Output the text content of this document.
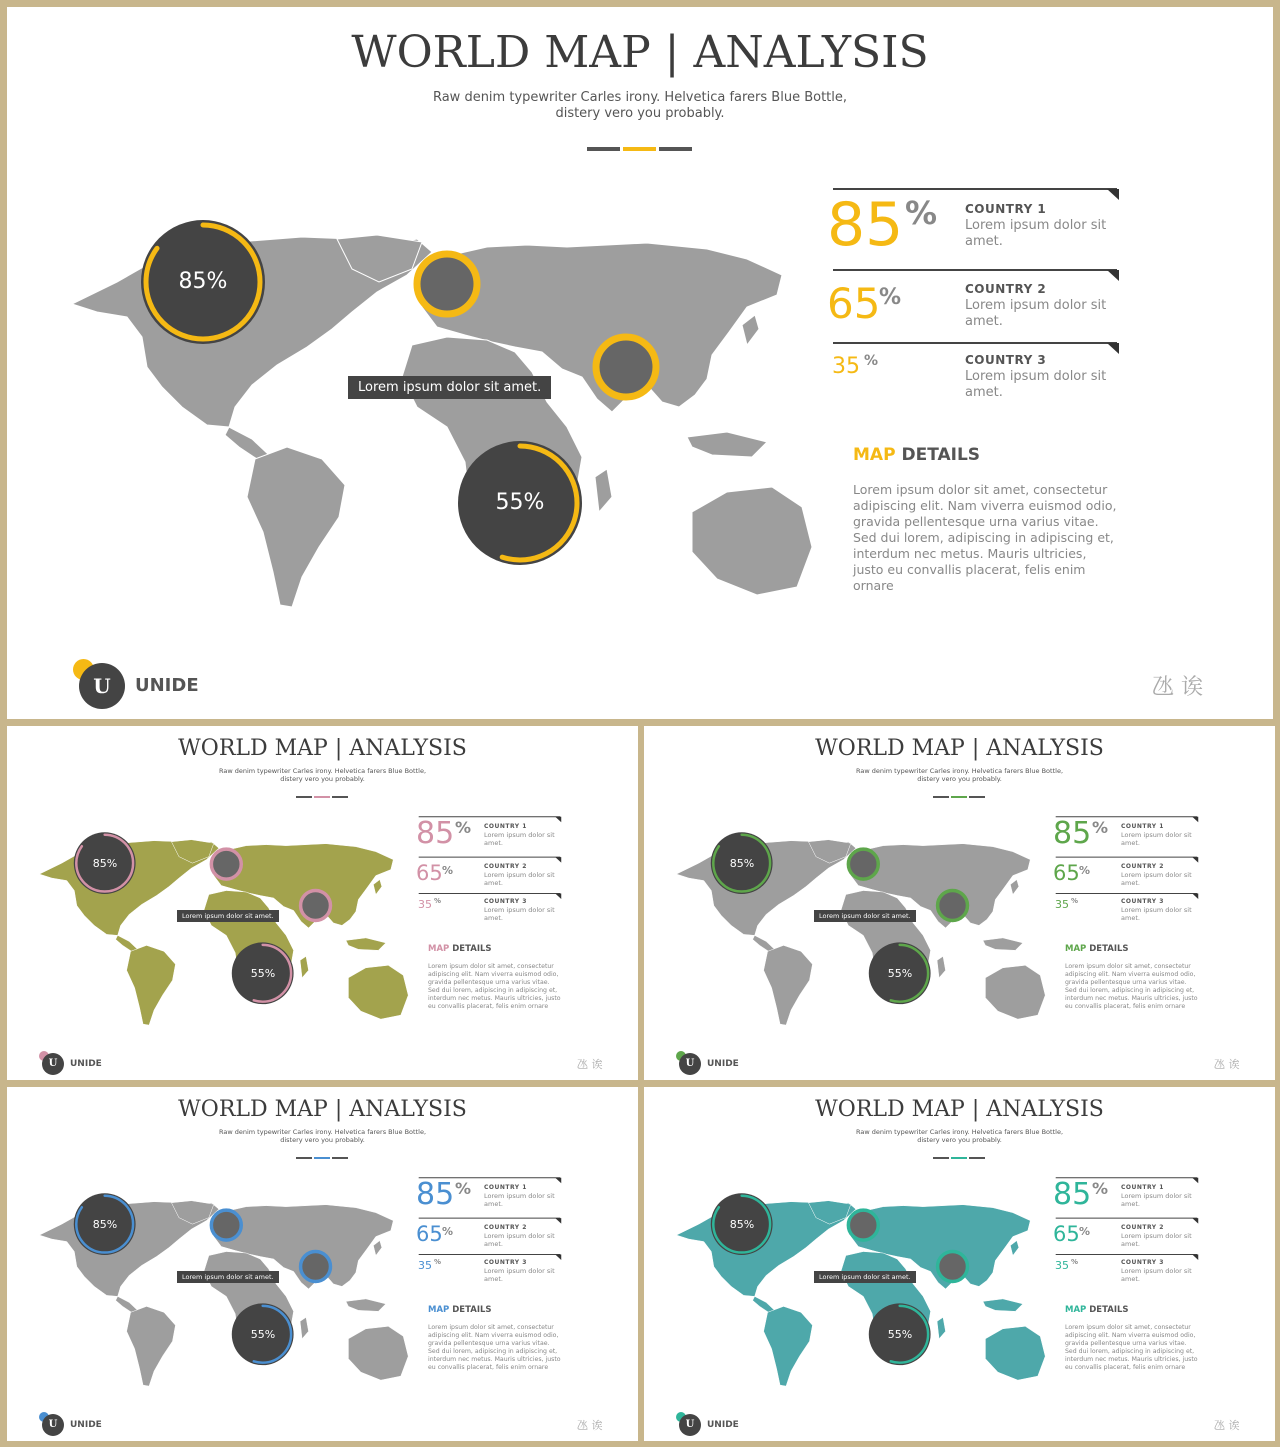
WORLD MAP | ANALYSIS
Raw denim typewriter Carles irony. Helvetica farers Blue Bottle,
distery vero you probably.
Lorem ipsum dolor sit amet.
85%
55%
85 % COUNTRY 1
Lorem ipsum dolor sit amet.
65
%	COUNTRY 2
Lorem ipsum dolor sit amet.
35 %	COUNTRY 3
Lorem ipsum dolor sit amet.
MAP DETAILS
Lorem ipsum dolor sit amet, consectetur adipiscing elit. Nam viverra euismod odio, gravida pellentesque urna varius vitae. Sed dui lorem, adipiscing in adipiscing et, interdum nec metus. Mauris ultricies, justo eu convallis placerat, felis enim ornare
U	UNIDE	氹 诶
WORLD MAP | ANALYSIS
Raw denim typewriter Carles irony. Helvetica farers Blue Bottle,
distery vero you probably.
Lorem ipsum dolor sit amet.
85%
55%
85 % COUNTRY 1
Lorem ipsum dolor sit amet.
65 %	COUNTRY 2
Lorem ipsum dolor sit amet.
35 %	COUNTRY 3
Lorem ipsum dolor sit amet.
MAP DETAILS
Lorem ipsum dolor sit amet, consectetur adipiscing elit. Nam viverra euismod odio, gravida pellentesque urna varius vitae. Sed dui lorem, adipiscing in adipiscing et, interdum nec metus. Mauris ultricies, justo eu convallis placerat, felis enim ornare
U	UNIDE	氹 诶
WORLD MAP | ANALYSIS
Raw denim typewriter Carles irony. Helvetica farers Blue Bottle,
distery vero you probably.
Lorem ipsum dolor sit amet.
85%
55%
85 % COUNTRY 1
Lorem ipsum dolor sit amet.
65 %	COUNTRY 2
Lorem ipsum dolor sit amet.
35 %	COUNTRY 3
Lorem ipsum dolor sit amet.
MAP DETAILS
Lorem ipsum dolor sit amet, consectetur adipiscing elit. Nam viverra euismod odio, gravida pellentesque urna varius vitae. Sed dui lorem, adipiscing in adipiscing et, interdum nec metus. Mauris ultricies, justo eu convallis placerat, felis enim ornare
U	UNIDE	氹 诶
WORLD MAP | ANALYSIS
Raw denim typewriter Carles irony. Helvetica farers Blue Bottle,
distery vero you probably.
Lorem ipsum dolor sit amet.
85%
55%
85 % COUNTRY 1
Lorem ipsum dolor sit amet.
65 %	COUNTRY 2
Lorem ipsum dolor sit amet.
35 %	COUNTRY 3
Lorem ipsum dolor sit amet.
MAP DETAILS
Lorem ipsum dolor sit amet, consectetur adipiscing elit. Nam viverra euismod odio, gravida pellentesque urna varius vitae. Sed dui lorem, adipiscing in adipiscing et, interdum nec metus. Mauris ultricies, justo eu convallis placerat, felis enim ornare
U	UNIDE	氹 诶
WORLD MAP | ANALYSIS
Raw denim typewriter Carles irony. Helvetica farers Blue Bottle,
distery vero you probably.
Lorem ipsum dolor sit amet.
85%
55%
85 % COUNTRY 1
Lorem ipsum dolor sit amet.
65 %	COUNTRY 2
Lorem ipsum dolor sit amet.
35 %	COUNTRY 3
Lorem ipsum dolor sit amet.
MAP DETAILS
Lorem ipsum dolor sit amet, consectetur adipiscing elit. Nam viverra euismod odio, gravida pellentesque urna varius vitae. Sed dui lorem, adipiscing in adipiscing et, interdum nec metus. Mauris ultricies, justo eu convallis placerat, felis enim ornare
U	UNIDE	氹 诶
